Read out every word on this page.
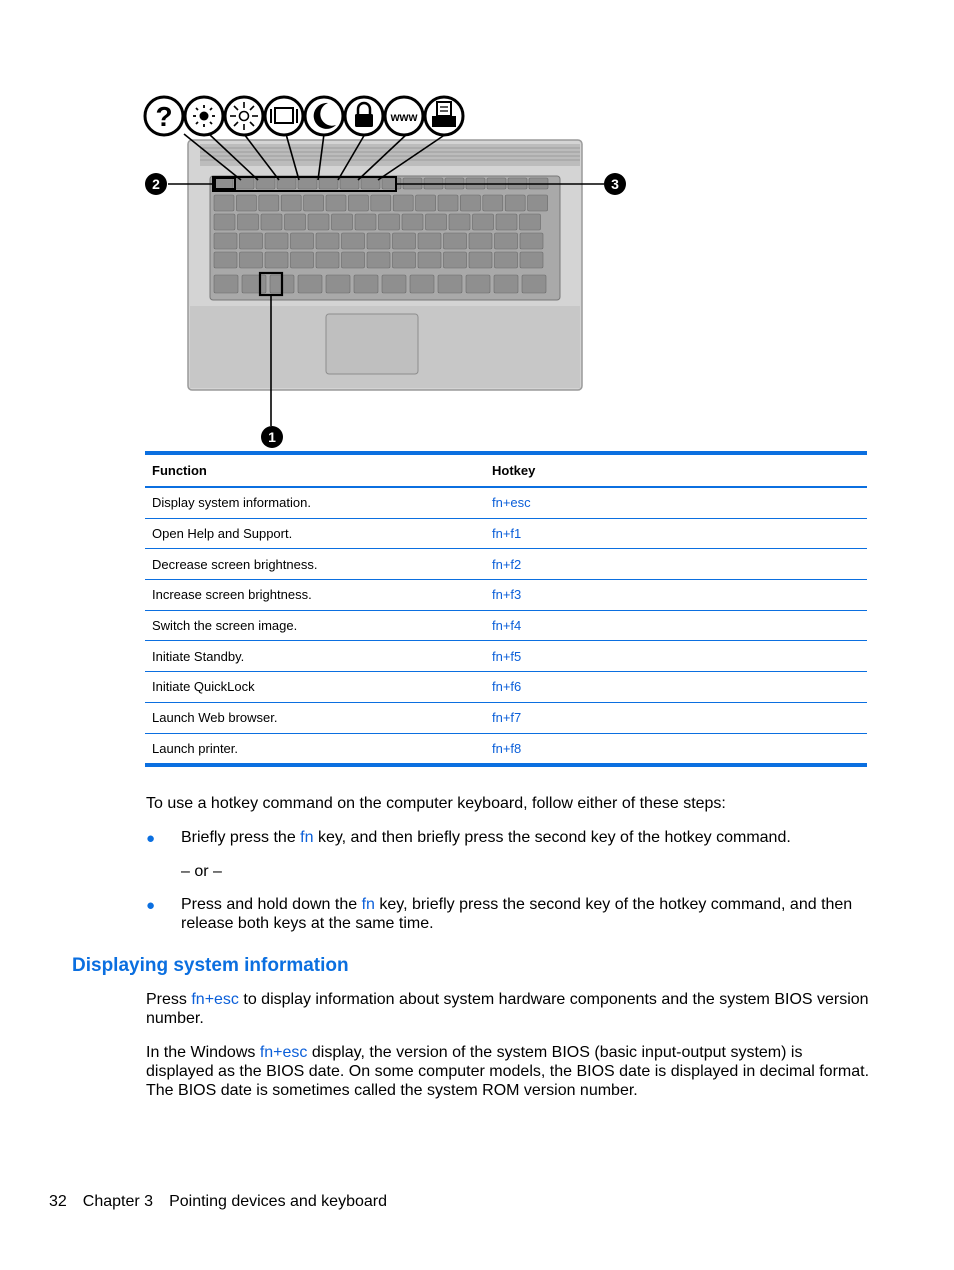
?	www
2	3
1
Function	Hotkey
Display system information.	fn+esc
Open Help and Support.	fn+f1
Decrease screen brightness.	fn+f2
Increase screen brightness.	fn+f3
Switch the screen image.	fn+f4
Initiate Standby.	fn+f5
Initiate QuickLock	fn+f6
Launch Web browser.	fn+f7
Launch printer.	fn+f8
To use a hotkey command on the computer keyboard, follow either of these steps:
● Briefly press the fn key, and then briefly press the second key of the hotkey command.
– or –
● Press and hold down the fn key, briefly press the second key of the hotkey command, and then release both keys at the same time.
Displaying system information
Press fn+esc to display information about system hardware components and the system BIOS version number.
In the Windows fn+esc display, the version of the system BIOS (basic input-output system) is displayed as the BIOS date. On some computer models, the BIOS date is displayed in decimal format. The BIOS date is sometimes called the system ROM version number.
32 Chapter 3 Pointing devices and keyboard
